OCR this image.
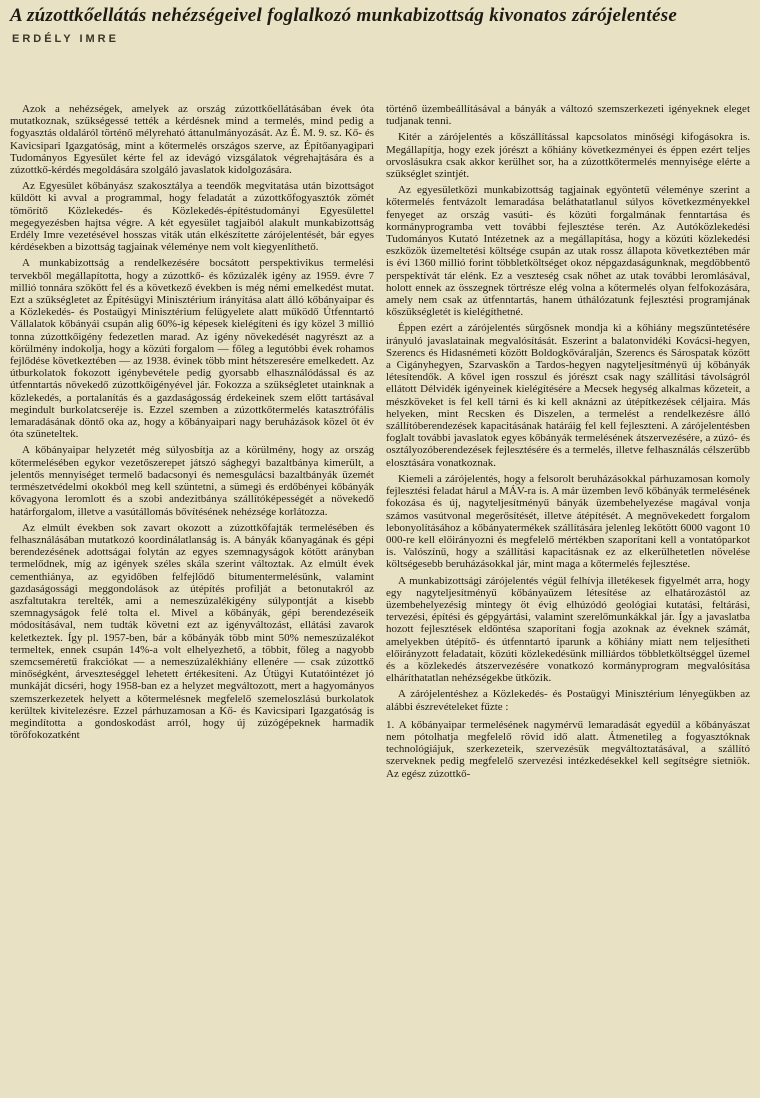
A zúzottkőellátás nehézségeivel foglalkozó munkabizottság kivonatos zárójelentése
ERDÉLY IMRE

Azok a nehézségek, amelyek az ország zúzottkőellátásában évek óta mutatkoznak, szükségessé tették a kérdésnek mind a termelés, mind pedig a fogyasztás oldaláról történő mélyreható áttanulmányozását. Az É. M. 9. sz. Kő- és Kavicsipari Igazgatóság, mint a kőtermelés országos szerve, az Építőanyagipari Tudományos Egyesület kérte fel az idevágó vizsgálatok végrehajtására és a zúzottkő-kérdés megoldására szolgáló javaslatok kidolgozására.

Az Egyesület kőbányász szakosztálya a teendők megvitatása után bizottságot küldött ki avval a programmal, hogy feladatát a zúzottkőfogyasztók zömét tömörítő Közlekedés- és Közlekedés-építéstudományi Egyesülettel megegyezésben hajtsa végre. A két egyesület tagjaiból alakult munkabizottság Erdély Imre vezetésével hosszas viták után elkészítette zárójelentését, bár egyes kérdésekben a bizottság tagjainak véleménye nem volt kiegyenlíthető.

A munkabizottság a rendelkezésére bocsátott perspektivikus termelési tervekből megállapította, hogy a zúzottkő- és kőzúzalék igény az 1959. évre 7 millió tonnára szökött fel és a következő években is még némi emelkedést mutat. Ezt a szükségletet az Építésügyi Minisztérium irányítása alatt álló kőbányaipar és a Közlekedés- és Postaügyi Minisztérium felügyelete alatt működő Útfenntartó Vállalatok kőbányái csupán alig 60%-ig képesek kielégíteni és így közel 3 millió tonna zúzottkőigény fedezetlen marad. Az igény növekedését nagyrészt az a körülmény indokolja, hogy a közúti forgalom — főleg a legutóbbi évek rohamos fejlődése következtében — az 1938. évinek több mint hétszeresére emelkedett. Az útburkolatok fokozott igénybevétele pedig gyorsabb elhasználódással és az útfenntartás növekedő zúzottkőigényével jár. Fokozza a szükségletet utainknak a közlekedés, a portalanítás és a gazdaságosság érdekeinek szem előtt tartásával megindult burkolatcseréje is. Ezzel szemben a zúzottkőtermelés katasztrófális lemaradásának döntő oka az, hogy a kőbányaipari nagy beruházások közel öt év óta szüneteltek.

A kőbányaipar helyzetét még súlyosbítja az a körülmény, hogy az ország kőtermelésében egykor vezetőszerepet játszó sághegyi bazaltbánya kimerült, a jelentős mennyiséget termelő badacsonyi és nemesgulácsi bazaltbányák üzemét természetvédelmi okokból meg kell szüntetni, a sümegi és erdőbényei kőbányák kővagyona leromlott és a szobi andezitbánya szállítóképességét a növekedő határforgalom, illetve a vasútállomás bővítésének nehézsége korlátozza.

Az elmúlt években sok zavart okozott a zúzottkőfajták termelésében és felhasználásában mutatkozó koordinálatlanság is. A bányák kőanyagának és gépi berendezésének adottságai folytán az egyes szemnagyságok kötött arányban termelődnek, míg az igények széles skála szerint változtak. Az elmúlt évek cementhiánya, az egyidőben felfejlődő bitumentermelésünk, valamint gazdaságossági meggondolások az útépítés profilját a betonutakról az aszfaltutakra terelték, ami a nemeszúzalékigény súlypontját a kisebb szemnagyságok felé tolta el. Mivel a kőbányák, gépi berendezéseik módosításával, nem tudták követni ezt az igényváltozást, ellátási zavarok keletkeztek. Így pl. 1957-ben, bár a kőbányák több mint 50% nemeszúzalékot termeltek, ennek csupán 14%-a volt elhelyezhető, a többit, főleg a nagyobb szemcseméretű frakciókat — a nemeszúzalékhiány ellenére — csak zúzottkő minőségként, árveszteséggel lehetett értékesíteni. Az Útügyi Kutatóintézet jó munkáját dicséri, hogy 1958-ban ez a helyzet megváltozott, mert a hagyományos szemszerkezetek helyett a kőtermelésnek megfelelő szemeloszlású burkolatok kerültek kivitelezésre. Ezzel párhuzamosan a Kő- és Kavicsipari Igazgatóság is megindította a gondoskodást arról, hogy új zúzógépeknek harmadik törőfokozatként

történő üzembeállításával a bányák a változó szemszerkezeti igényeknek eleget tudjanak tenni.

Kitér a zárójelentés a kőszállítással kapcsolatos minőségi kifogásokra is. Megállapítja, hogy ezek jórészt a kőhiány következményei és éppen ezért teljes orvoslásukra csak akkor kerülhet sor, ha a zúzottkőtermelés mennyisége elérte a szükséglet szintjét.

Az egyesületközi munkabizottság tagjainak egyöntetű véleménye szerint a kőtermelés fentvázolt lemaradása beláthatatlanul súlyos következményekkel fenyeget az ország vasúti- és közúti forgalmának fenntartása és kormányprogramba vett további fejlesztése terén. Az Autóközlekedési Tudományos Kutató Intézetnek az a megállapítása, hogy a közúti közlekedési eszközök üzemeltetési költsége csupán az utak rossz állapota következtében már is évi 1360 millió forint többletköltséget okoz népgazdaságunknak, megdöbbentő perspektívát tár elénk. Ez a veszteség csak nőhet az utak további leromlásával, holott ennek az összegnek törtrésze elég volna a kőtermelés olyan felfokozására, amely nem csak az útfenntartás, hanem úthálózatunk fejlesztési programjának kőszükségletét is kielégíthetné.

Éppen ezért a zárójelentés sürgősnek mondja ki a kőhiány megszüntetésére irányuló javaslatainak megvalósítását. Eszerint a balatonvidéki Kovácsi-hegyen, Szerencs és Hidasnémeti között Boldogkőváralján, Szerencs és Sárospatak között a Cigányhegyen, Szarvaskőn a Tardos-hegyen nagyteljesítményű új kőbányák létesítendők. A kővel igen rosszul és jórészt csak nagy szállítási távolságról ellátott Délvidék igényeinek kielégítésére a Mecsek hegység alkalmas kőzeteit, a mészköveket is fel kell tárni és ki kell aknázni az útépítkezések céljaira. Más helyeken, mint Recsken és Diszelen, a termelést a rendelkezésre álló szállítóberendezések kapacitásának határáig fel kell fejleszteni. A zárójelentésben foglalt további javaslatok egyes kőbányák termelésének átszervezésére, a zúzó- és osztályozóberendezések fejlesztésére és a termelés, illetve felhasználás célszerűbb elosztására vonatkoznak.

Kiemeli a zárójelentés, hogy a felsorolt beruházásokkal párhuzamosan komoly fejlesztési feladat hárul a MÁV-ra is. A már üzemben levő kőbányák termelésének fokozása és új, nagyteljesítményű bányák üzembehelyezése magával vonja számos vasútvonal megerősítését, illetve átépítését. A megnövekedett forgalom lebonyolításához a kőbányatermékek szállítására jelenleg lekötött 6000 vagont 10 000-re kell előirányozni és megfelelő mértékben szaporítani kell a vontatóparkot is. Valószínű, hogy a szállítási kapacitásnak ez az elkerülhetetlen növelése költségesebb beruházásokkal jár, mint maga a kőtermelés fejlesztése.

A munkabizottsági zárójelentés végül felhívja illetékesek figyelmét arra, hogy egy nagyteljesítményű kőbányaüzem létesítése az elhatározástól az üzembehelyezésig mintegy öt évig elhúzódó geológiai kutatási, feltárási, tervezési, építési és gépgyártási, valamint szerelőmunkákkal jár. Így a javaslatba hozott fejlesztések eldöntésa szaporítani fogja azoknak az éveknek számát, amelyekben útépítő- és útfenntartó iparunk a kőhiány miatt nem teljesítheti előirányzott feladatait, közúti közlekedésünk milliárdos többletköltséggel üzemel és a közlekedés átszervezésére vonatkozó kormányprogram megvalósítása elháríthatatlan nehézségekbe ütközik.

A zárójelentéshez a Közlekedés- és Postaügyi Minisztérium lényegükben az alábbi észrevételeket fűzte :

1. A kőbányaipar termelésének nagymérvű lemaradását egyedül a kőbányászat nem pótolhatja megfelelő rövid idő alatt. Átmenetileg a fogyasztóknak technológiájuk, szerkezeteik, szervezésük megváltoztatásával, a szállító szerveknek pedig megfelelő szervezési intézkedésekkel kell segítségre sietniök. Az egész zúzottkő-
